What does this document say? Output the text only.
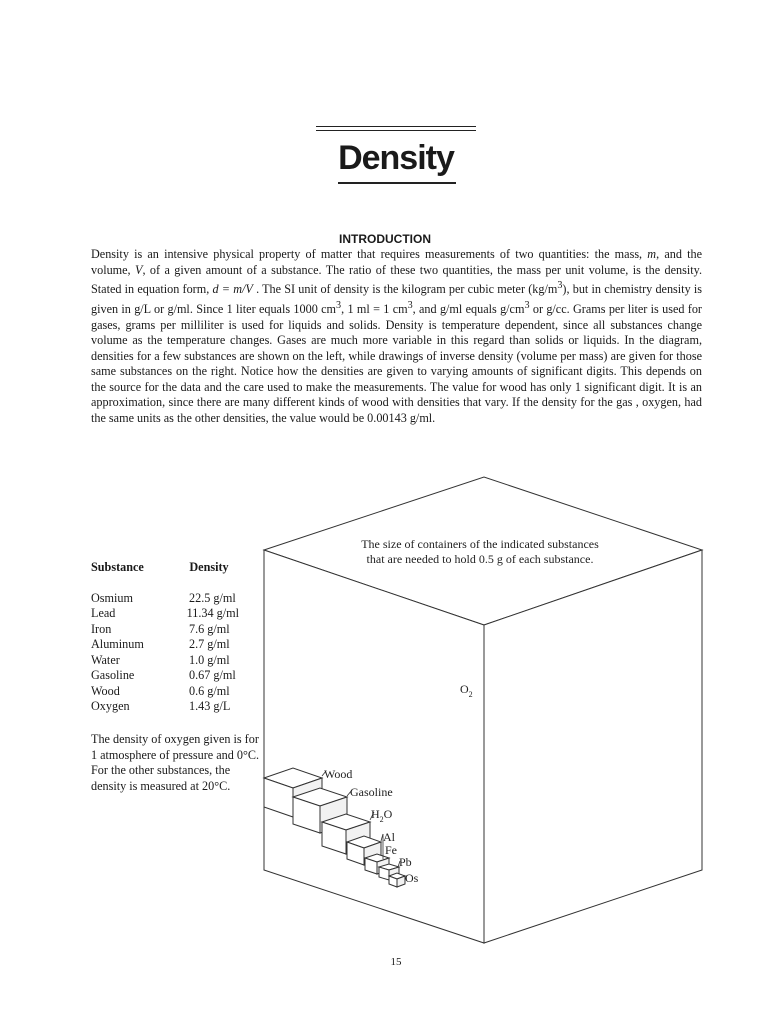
Density
INTRODUCTION

Density is an intensive physical property of matter that requires measurements of two quantities: the mass, m, and the volume, V, of a given amount of a substance. The ratio of these two quantities, the mass per unit volume, is the density. Stated in equation form, d = m/V . The SI unit of density is the kilogram per cubic meter $(kg/m^3)$, but in chemistry density is given in g/L or g/ml. Since 1 liter equals 1000 $cm^3$, 1 ml = 1 $cm^3$, and g/ml equals $g/cm^3$ or g/cc. Grams per liter is used for gases, grams per milliliter is used for liquids and solids. Density is temperature dependent, since all substances change volume as the temperature changes. Gases are much more variable in this regard than solids or liquids. In the diagram, densities for a few substances are shown on the left, while drawings of inverse density (volume per mass) are given for those same substances on the right. Notice how the densities are given to varying amounts of significant digits. This depends on the source for the data and the care used to make the measurements. The value for wood has only 1 significant digit. It is an approximation, since there are many different kinds of wood with densities that vary. If the density for the gas , oxygen, had the same units as the other densities, the value would be 0.00143 g/ml.

The size of containers of the indicated substances
that are needed to hold 0.5 g of each substance.
$O_2$
Wood
Gasoline
$H_2O$
Al
Fe
Pb
Os
Substance	Density
Osmium	22.5 g/ml
Lead	11.34 g/ml
Iron	7.6 g/ml
Aluminum	2.7 g/ml
Water	1.0 g/ml
Gasoline	0.67 g/ml
Wood	0.6 g/ml
Oxygen	1.43 g/L

The density of oxygen given is for 1 atmosphere of pressure and 0°C. For the other substances, the density is measured at 20°C.

15
